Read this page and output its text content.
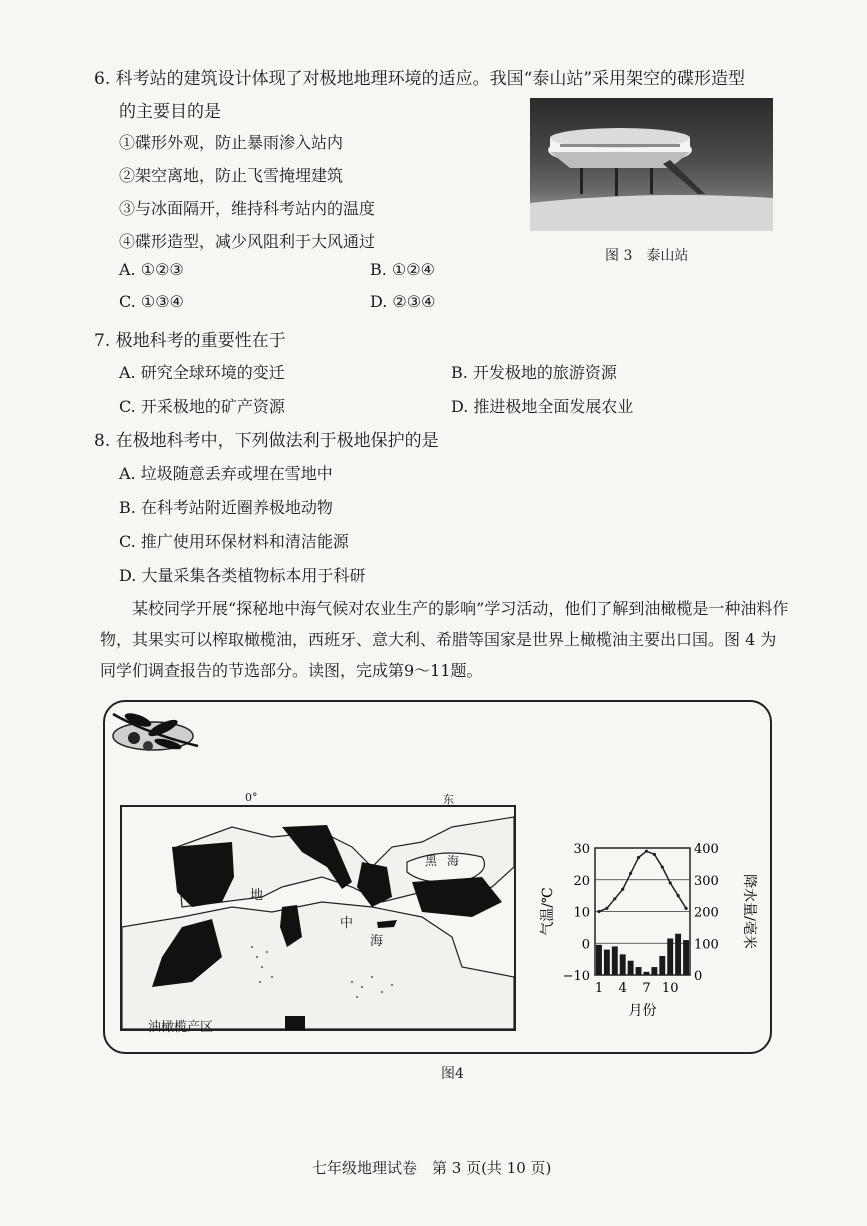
6. 科考站的建筑设计体现了对极地地理环境的适应。我国“泰山站”采用架空的碟形造型
的主要目的是
①碟形外观，防止暴雨渗入站内
②架空离地，防止飞雪掩埋建筑
③与冰面隔开，维持科考站内的温度
④碟形造型，减少风阻利于大风通过
A. ①②③	B. ①②④
C. ①③④	D. ②③④
图 3　泰山站
7. 极地科考的重要性在于
A. 研究全球环境的变迁	B. 开发极地的旅游资源
C. 开采极地的矿产资源	D. 推进极地全面发展农业
8. 在极地科考中，下列做法利于极地保护的是
A. 垃圾随意丢弃或埋在雪地中
B. 在科考站附近圈养极地动物
C. 推广使用环保材料和清洁能源
D. 大量采集各类植物标本用于科研
某校同学开展“探秘地中海气候对农业生产的影响”学习活动，他们了解到油橄榄是一种油料作物，其果实可以榨取橄榄油，西班牙、意大利、希腊等国家是世界上橄榄油主要出口国。图 4 为同学们调查报告的节选部分。读图，完成第9～11题。
0°	东
地
中
海
黑 海
油橄榄产区
30
20
10
0
−10
400
300
200
100
0
1 4 7 10
气温/℃	降水量/毫米
月份
图4
七年级地理试卷　第 3 页(共 10 页)
